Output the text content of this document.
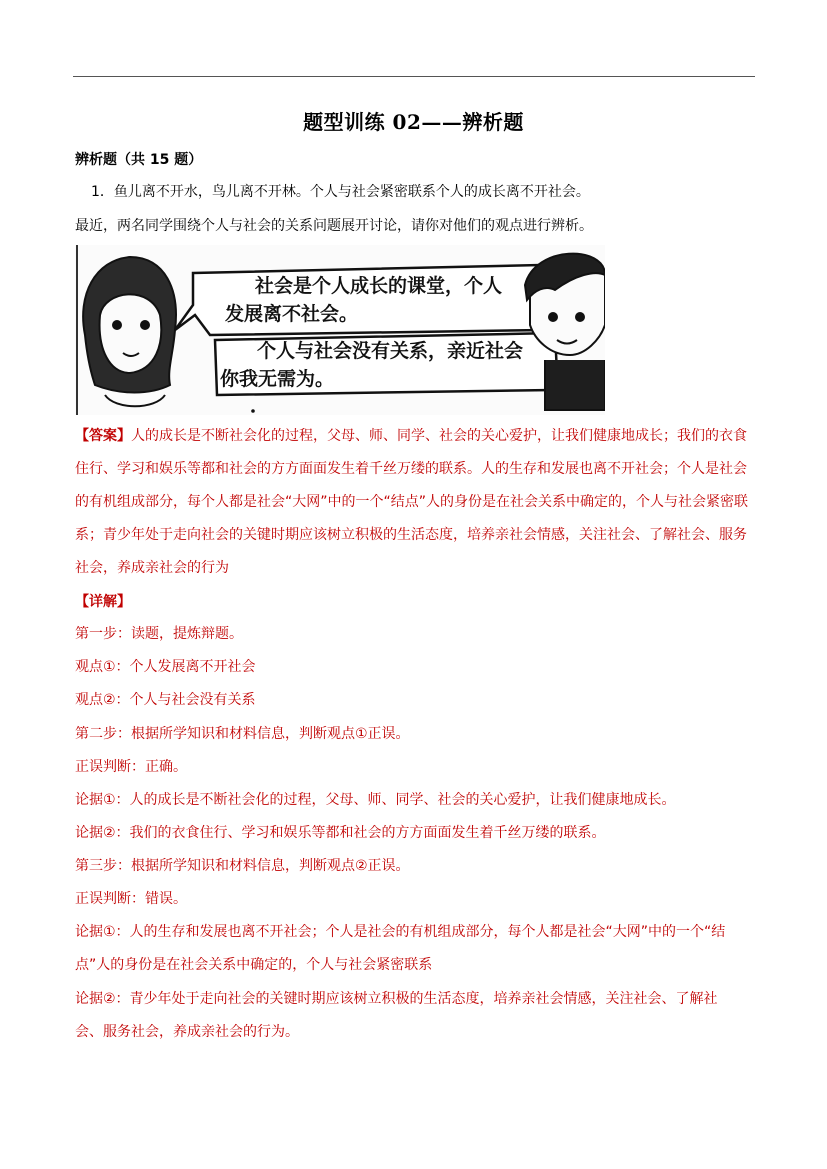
题型训练 02——辨析题
辨析题（共 15 题）
1．鱼儿离不开水，鸟儿离不开林。个人与社会紧密联系个人的成长离不开社会。
最近，两名同学围绕个人与社会的关系问题展开讨论，请你对他们的观点进行辨析。
社会是个人成长的课堂，个人
发展离不社会。
个人与社会没有关系，亲近社会
你我无需为。
【答案】人的成长是不断社会化的过程，父母、师、同学、社会的关心爱护，让我们健康地成长；我们的衣食住行、学习和娱乐等都和社会的方方面面发生着千丝万缕的联系。人的生存和发展也离不开社会；个人是社会的有机组成部分，每个人都是社会“大网”中的一个“结点”人的身份是在社会关系中确定的，个人与社会紧密联系；青少年处于走向社会的关键时期应该树立积极的生活态度，培养亲社会情感，关注社会、了解社会、服务社会，养成亲社会的行为
【详解】
第一步：读题，提炼辩题。
观点①：个人发展离不开社会
观点②：个人与社会没有关系
第二步：根据所学知识和材料信息，判断观点①正误。
正误判断：正确。
论据①：人的成长是不断社会化的过程，父母、师、同学、社会的关心爱护，让我们健康地成长。
论据②：我们的衣食住行、学习和娱乐等都和社会的方方面面发生着千丝万缕的联系。
第三步：根据所学知识和材料信息，判断观点②正误。
正误判断：错误。
论据①：人的生存和发展也离不开社会；个人是社会的有机组成部分，每个人都是社会“大网”中的一个“结
点”人的身份是在社会关系中确定的，个人与社会紧密联系
论据②：青少年处于走向社会的关键时期应该树立积极的生活态度，培养亲社会情感，关注社会、了解社
会、服务社会，养成亲社会的行为。
